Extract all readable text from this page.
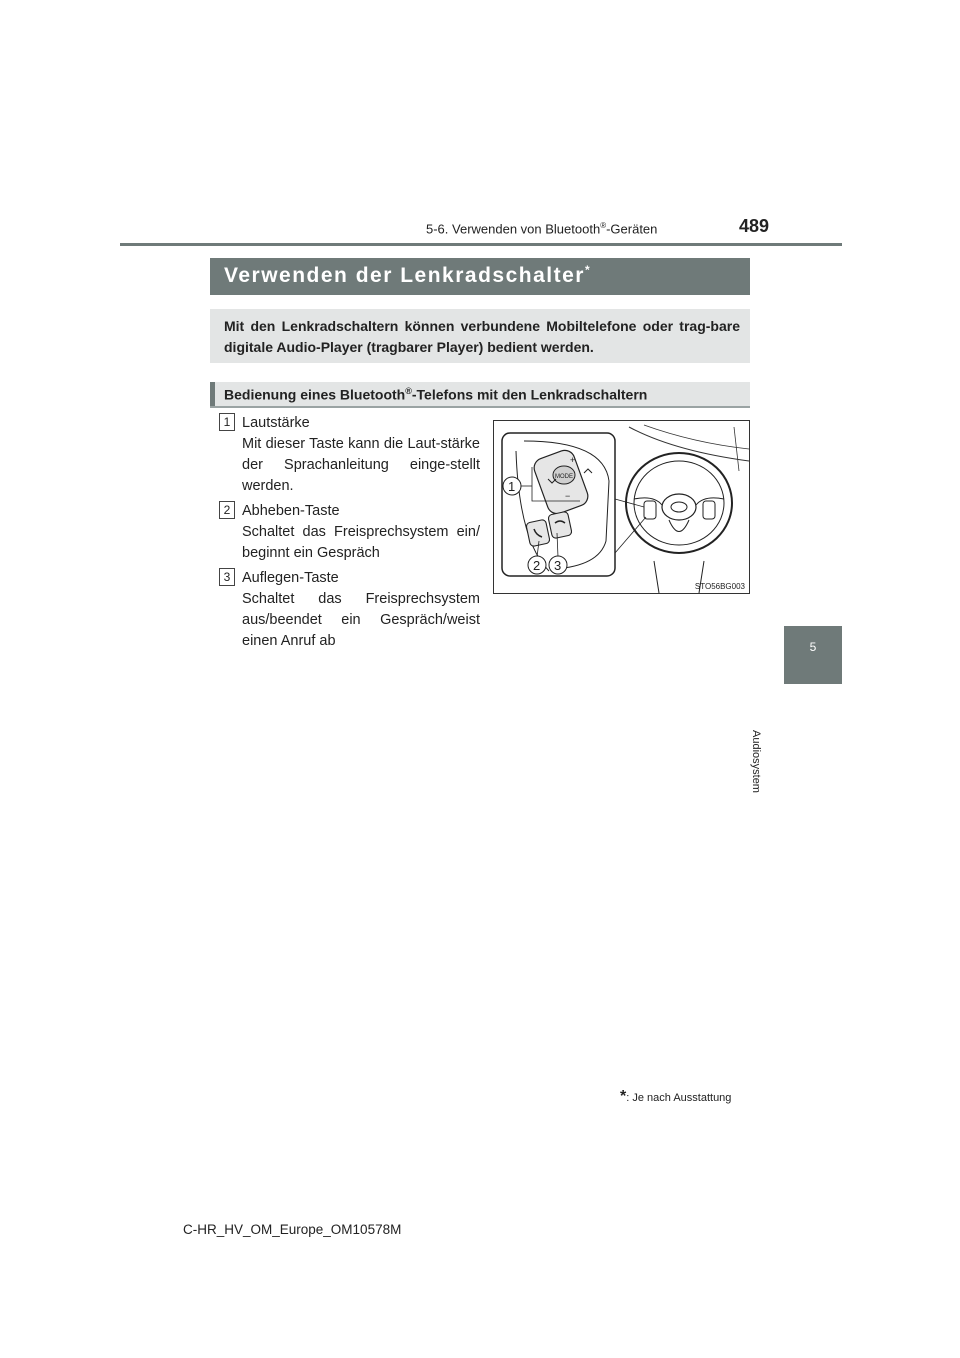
5-6. Verwenden von Bluetooth®-Geräten	489
5
Audiosystem
Verwenden der Lenkradschalter*
Mit den Lenkradschaltern können verbundene Mobiltelefone oder trag-bare digitale Audio-Player (tragbarer Player) bedient werden.
Bedienung eines Bluetooth®-Telefons mit den Lenkradschaltern
1 Lautstärke
Mit dieser Taste kann die Laut-stärke der Sprachanleitung einge-stellt werden.
2 Abheben-Taste
Schaltet das Freisprechsystem ein/ beginnt ein Gespräch
3 Auflegen-Taste
Schaltet das Freisprechsystem aus/beendet ein Gespräch/weist einen Anruf ab
MODE
+
−
1
2 3
STO56BG003
*: Je nach Ausstattung
C-HR_HV_OM_Europe_OM10578M
